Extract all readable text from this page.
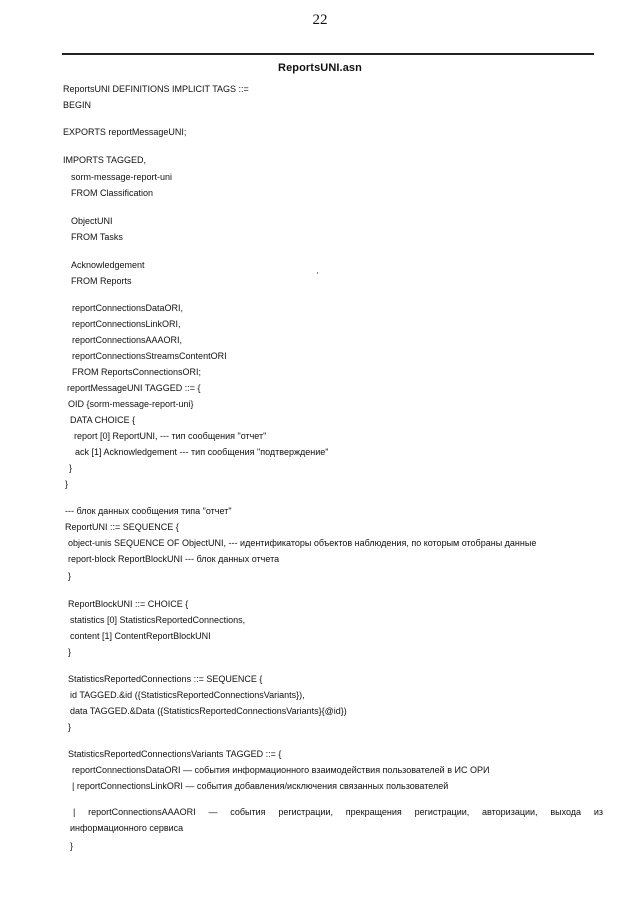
22
ReportsUNI.asn
ReportsUNI DEFINITIONS IMPLICIT TAGS ::=
BEGIN
EXPORTS reportMessageUNI;
IMPORTS TAGGED,
sorm-message-report-uni
FROM Classification
ObjectUNI
FROM Tasks
Acknowledgement
FROM Reports
reportConnectionsDataORI,
reportConnectionsLinkORI,
reportConnectionsAAAORI,
reportConnectionsStreamsContentORI
FROM ReportsConnectionsORI;
reportMessageUNI TAGGED ::= {
OID {sorm-message-report-uni}
DATA CHOICE {
report [0] ReportUNI, --- тип сообщения "отчет"
ack [1] Acknowledgement --- тип сообщения "подтверждение"
}
}
--- блок данных сообщения типа "отчет"
ReportUNI ::= SEQUENCE {
object-unis SEQUENCE OF ObjectUNI, --- идентификаторы объектов наблюдения, по которым отобраны данные
report-block ReportBlockUNI --- блок данных отчета
}
ReportBlockUNI ::= CHOICE {
statistics [0] StatisticsReportedConnections,
content [1] ContentReportBlockUNI
}
StatisticsReportedConnections ::= SEQUENCE {
id TAGGED.&id ({StatisticsReportedConnectionsVariants}),
data TAGGED.&Data ({StatisticsReportedConnectionsVariants}{@id})
}
StatisticsReportedConnectionsVariants TAGGED ::= {
reportConnectionsDataORI — события информационного взаимодействия пользователей в ИС ОРИ
| reportConnectionsLinkORI — события добавления/исключения связанных пользователей
| reportConnectionsAAAORI — события регистрации, прекращения регистрации, авторизации, выхода из
информационного сервиса
}
